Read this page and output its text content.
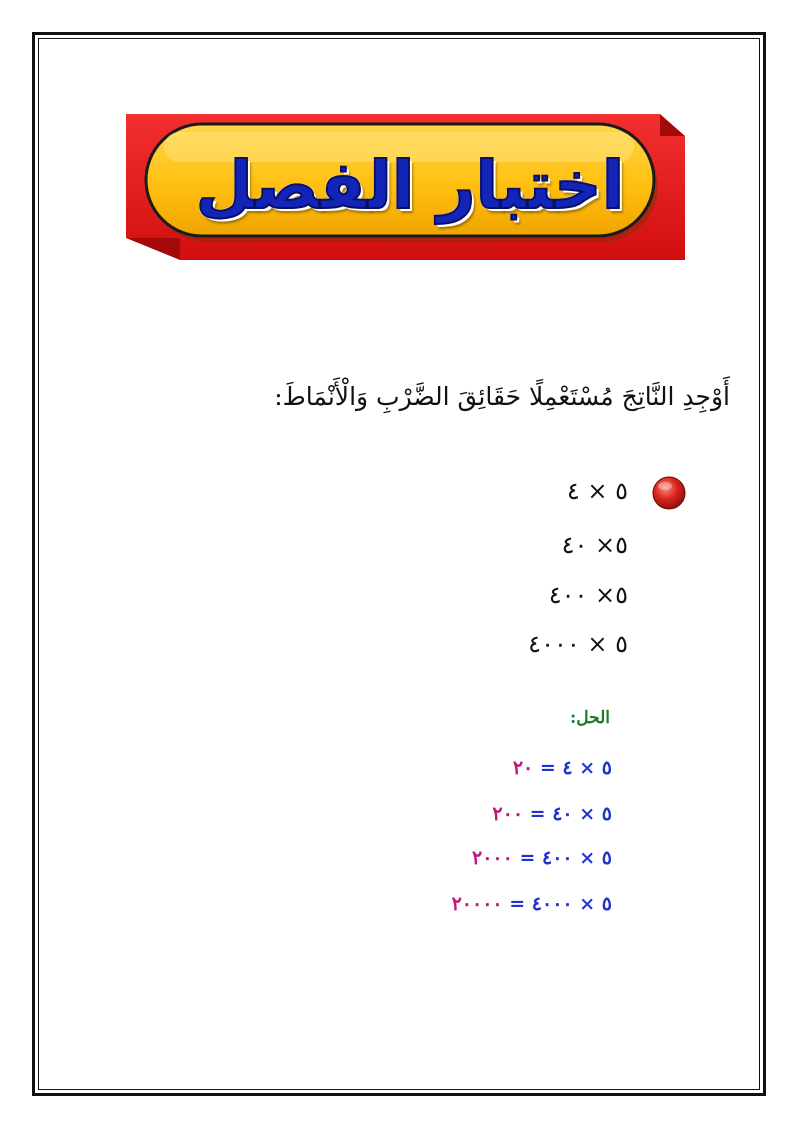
اختبار الفصل
أَوْجِدِ النَّاتِجَ مُسْتَعْمِلًا حَقَائِقَ الضَّرْبِ وَالْأَنْمَاطَ:
٥ × ٤
٥× ٤٠
٥× ٤٠٠
٥ × ٤٠٠٠
الحل:
٥ × ٤ = ٢٠
٥ × ٤٠ = ٢٠٠
٥ × ٤٠٠ = ٢٠٠٠
٥ × ٤٠٠٠ = ٢٠٠٠٠
